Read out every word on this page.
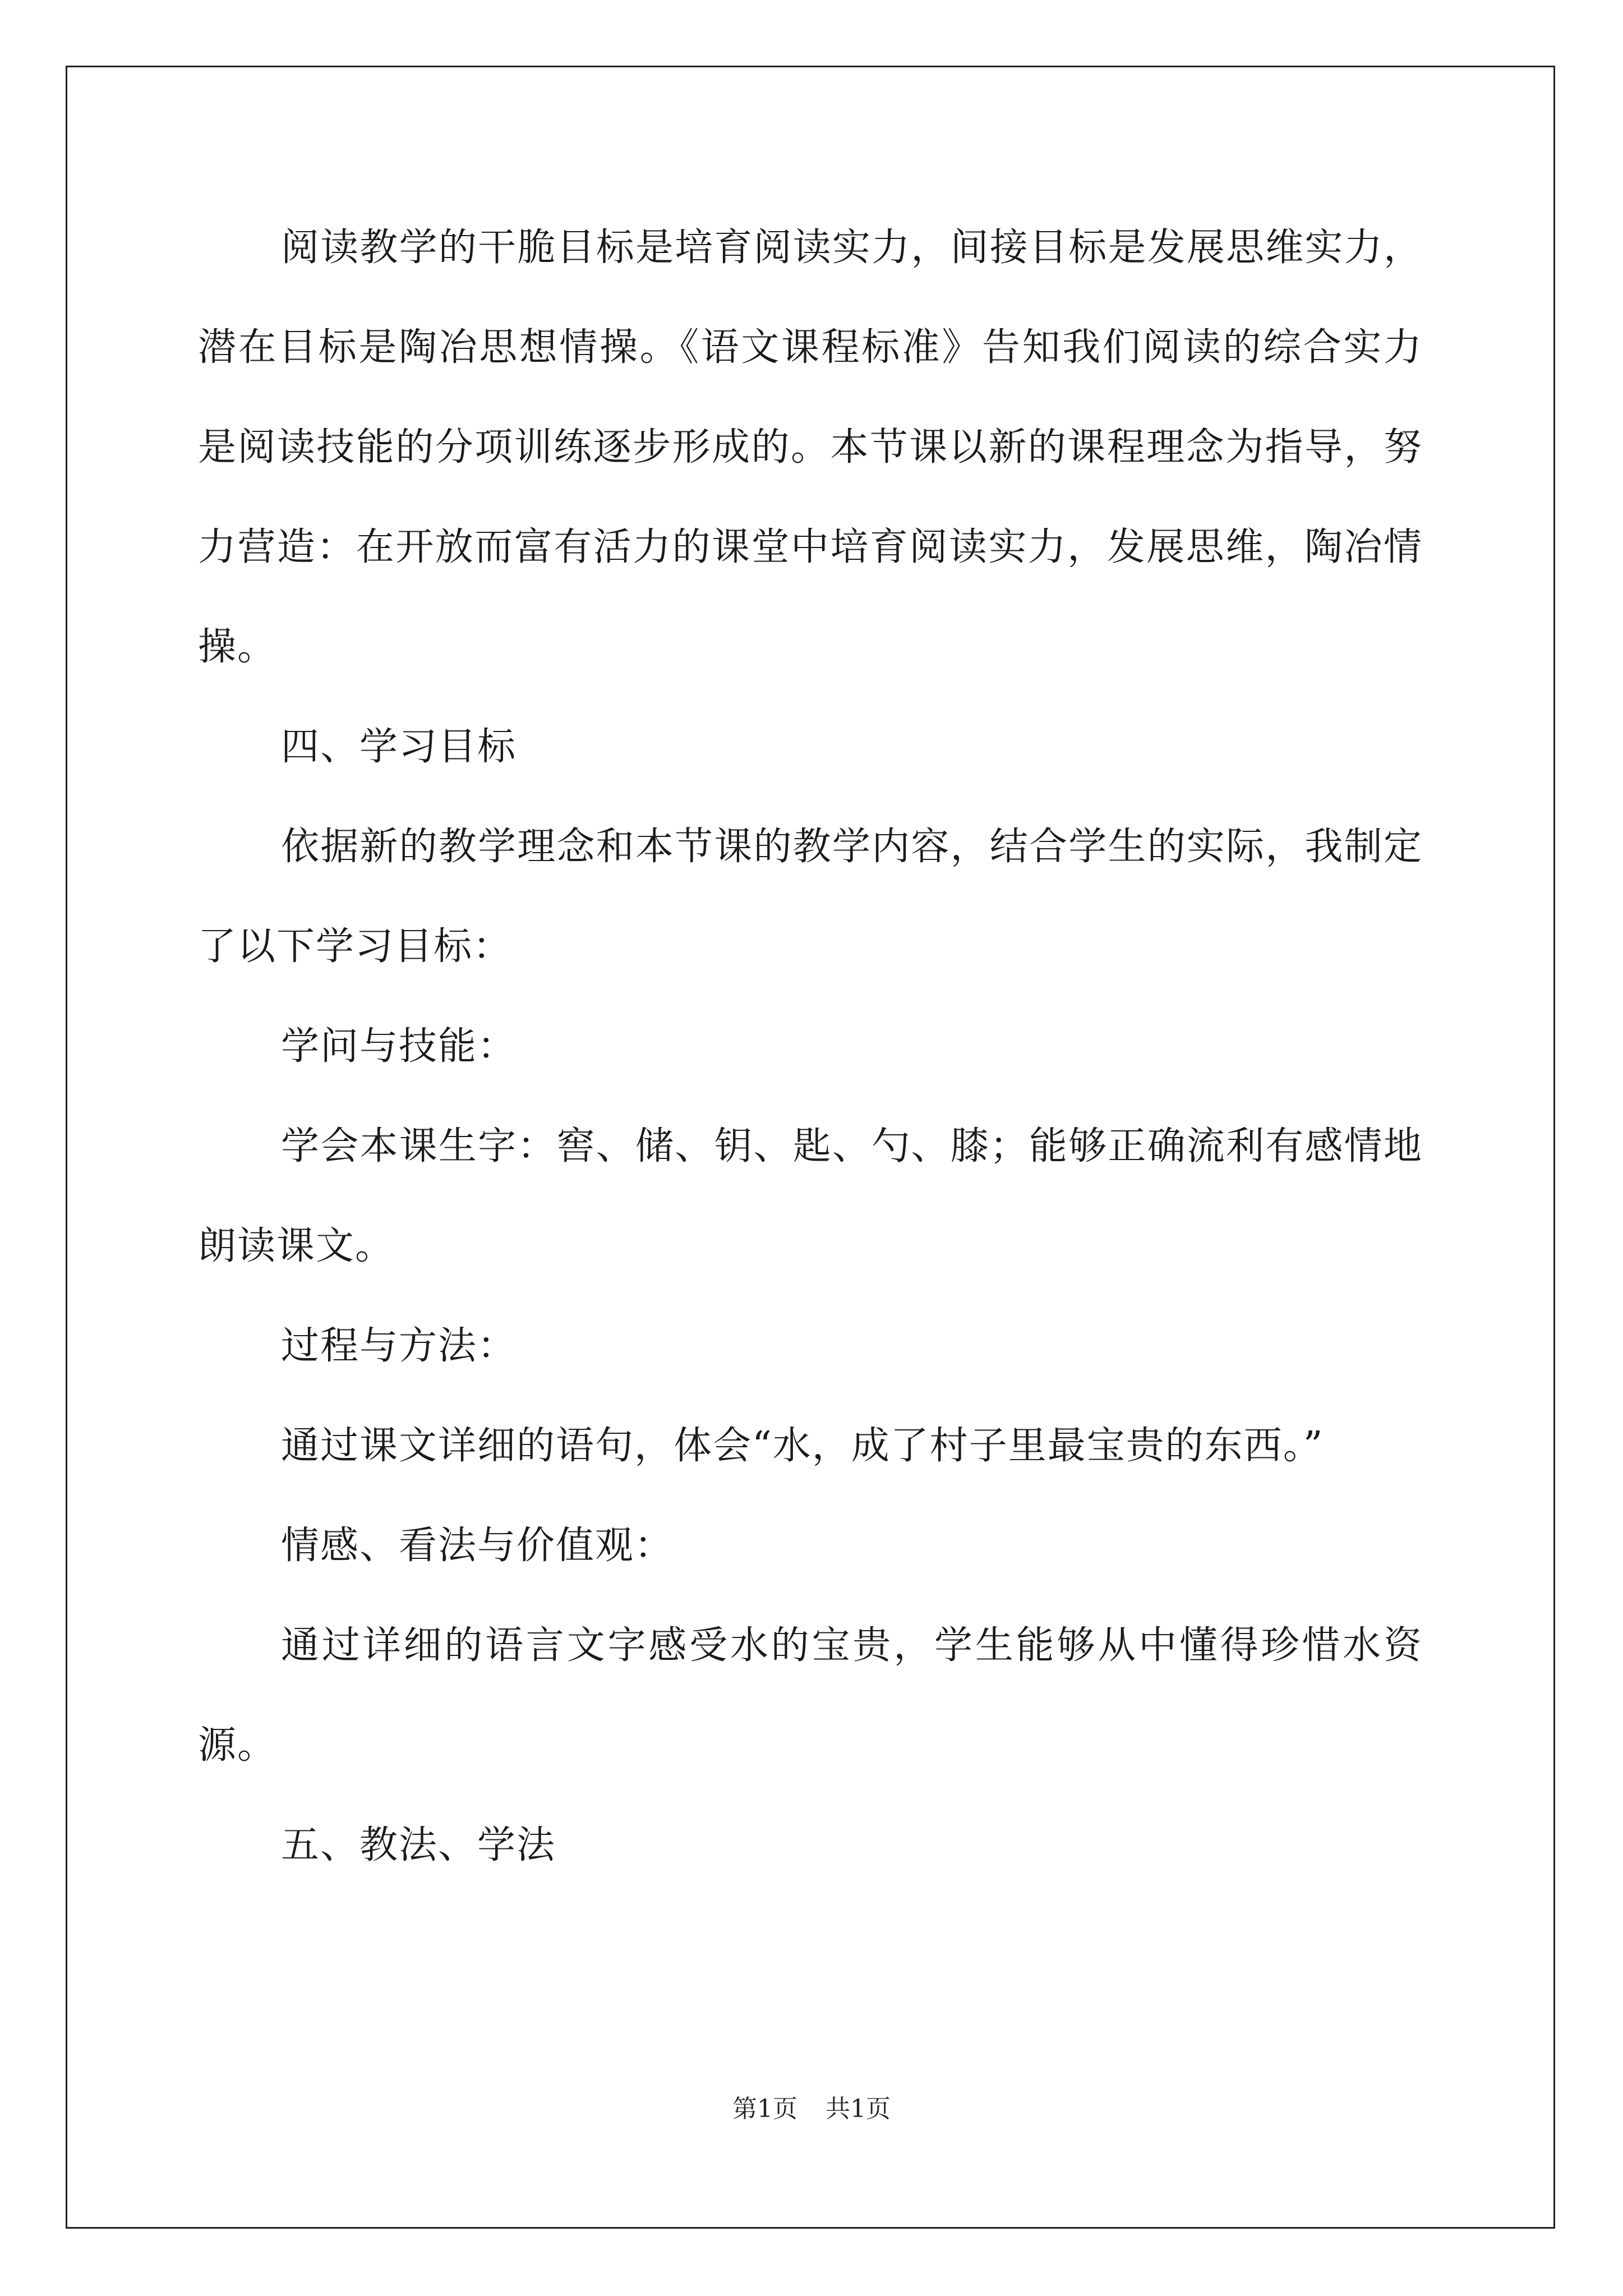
阅读教学的干脆目标是培育阅读实力，间接目标是发展思维实力，潜在目标是陶冶思想情操。《语文课程标准》告知我们阅读的综合实力是阅读技能的分项训练逐步形成的。本节课以新的课程理念为指导，努力营造：在开放而富有活力的课堂中培育阅读实力，发展思维，陶冶情操。

四、学习目标

依据新的教学理念和本节课的教学内容，结合学生的实际，我制定了以下学习目标：

学问与技能：

学会本课生字：窖、储、钥、匙、勺、膝；能够正确流利有感情地朗读课文。

过程与方法：

通过课文详细的语句，体会“水，成了村子里最宝贵的东西。”

情感、看法与价值观：

通过详细的语言文字感受水的宝贵，学生能够从中懂得珍惜水资源。

五、教法、学法

第1页 共1页
